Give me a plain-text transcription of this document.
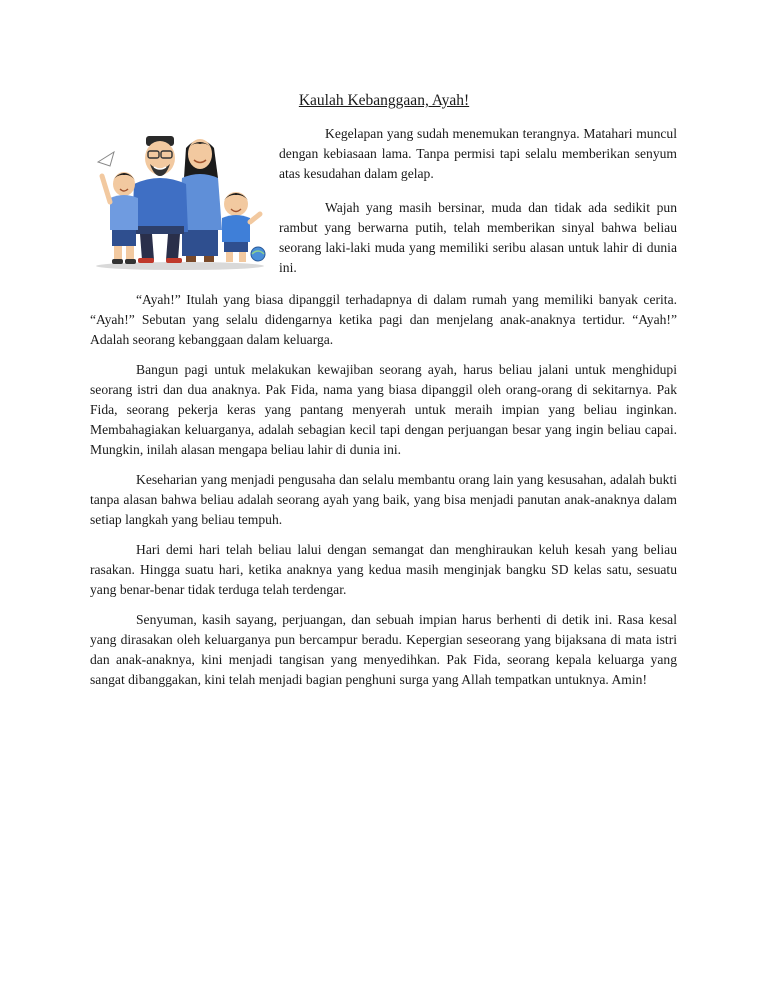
Kaulah Kebanggaan, Ayah!

Kegelapan yang sudah menemukan terangnya. Matahari muncul dengan kebiasaan lama. Tanpa permisi tapi selalu memberikan senyum atas kesudahan dalam gelap.

Wajah yang masih bersinar, muda dan tidak ada sedikit pun rambut yang berwarna putih, telah memberikan sinyal bahwa beliau seorang laki-laki muda yang memiliki seribu alasan untuk lahir di dunia ini.

“Ayah!” Itulah yang biasa dipanggil terhadapnya di dalam rumah yang memiliki banyak cerita. “Ayah!” Sebutan yang selalu didengarnya ketika pagi dan menjelang anak-anaknya tertidur. “Ayah!” Adalah seorang kebanggaan dalam keluarga.

Bangun pagi untuk melakukan kewajiban seorang ayah, harus beliau jalani untuk menghidupi seorang istri dan dua anaknya. Pak Fida, nama yang biasa dipanggil oleh orang-orang di sekitarnya. Pak Fida, seorang pekerja keras yang pantang menyerah untuk meraih impian yang beliau inginkan. Membahagiakan keluarganya, adalah sebagian kecil tapi dengan perjuangan besar yang ingin beliau capai. Mungkin, inilah alasan mengapa beliau lahir di dunia ini.

Keseharian yang menjadi pengusaha dan selalu membantu orang lain yang kesusahan, adalah bukti tanpa alasan bahwa beliau adalah seorang ayah yang baik, yang bisa menjadi panutan anak-anaknya dalam setiap langkah yang beliau tempuh.

Hari demi hari telah beliau lalui dengan semangat dan menghiraukan keluh kesah yang beliau rasakan. Hingga suatu hari, ketika anaknya yang kedua masih menginjak bangku SD kelas satu, sesuatu yang benar-benar tidak terduga telah terdengar.

Senyuman, kasih sayang, perjuangan, dan sebuah impian harus berhenti di detik ini. Rasa kesal yang dirasakan oleh keluarganya pun bercampur beradu. Kepergian seseorang yang bijaksana di mata istri dan anak-anaknya, kini menjadi tangisan yang menyedihkan. Pak Fida, seorang kepala keluarga yang sangat dibanggakan, kini telah menjadi bagian penghuni surga yang Allah tempatkan untuknya. Amin!
